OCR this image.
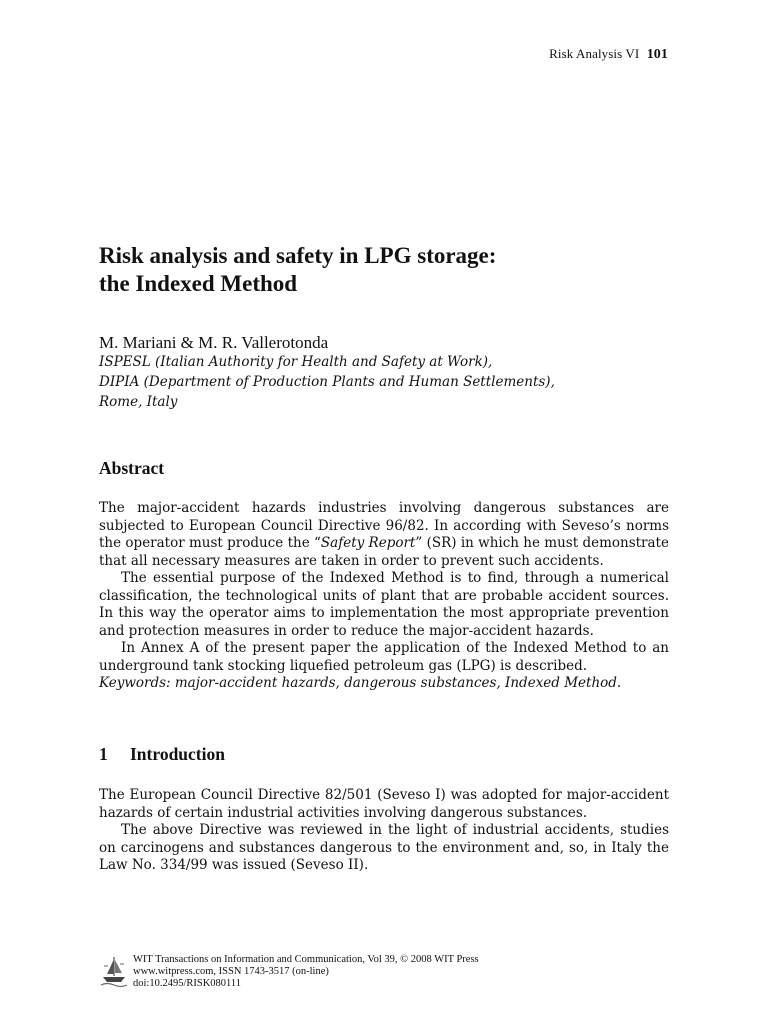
Risk Analysis VI 101
Risk analysis and safety in LPG storage:
the Indexed Method

M. Mariani & M. R. Vallerotonda

ISPESL (Italian Authority for Health and Safety at Work),
DIPIA (Department of Production Plants and Human Settlements),
Rome, Italy
Abstract

The major-accident hazards industries involving dangerous substances are subjected to European Council Directive 96/82. In according with Seveso’s norms the operator must produce the “Safety Report” (SR) in which he must demonstrate that all necessary measures are taken in order to prevent such accidents.

The essential purpose of the Indexed Method is to find, through a numerical classification, the technological units of plant that are probable accident sources. In this way the operator aims to implementation the most appropriate prevention and protection measures in order to reduce the major-accident hazards.

In Annex A of the present paper the application of the Indexed Method to an underground tank stocking liquefied petroleum gas (LPG) is described.

Keywords: major-accident hazards, dangerous substances, Indexed Method.

1 Introduction

The European Council Directive 82/501 (Seveso I) was adopted for major-accident hazards of certain industrial activities involving dangerous substances.

The above Directive was reviewed in the light of industrial accidents, studies on carcinogens and substances dangerous to the environment and, so, in Italy the Law No. 334/99 was issued (Seveso II).

WIT Transactions on Information and Communication, Vol 39, © 2008 WIT Press
www.witpress.com, ISSN 1743-3517 (on-line)
doi:10.2495/RISK080111
